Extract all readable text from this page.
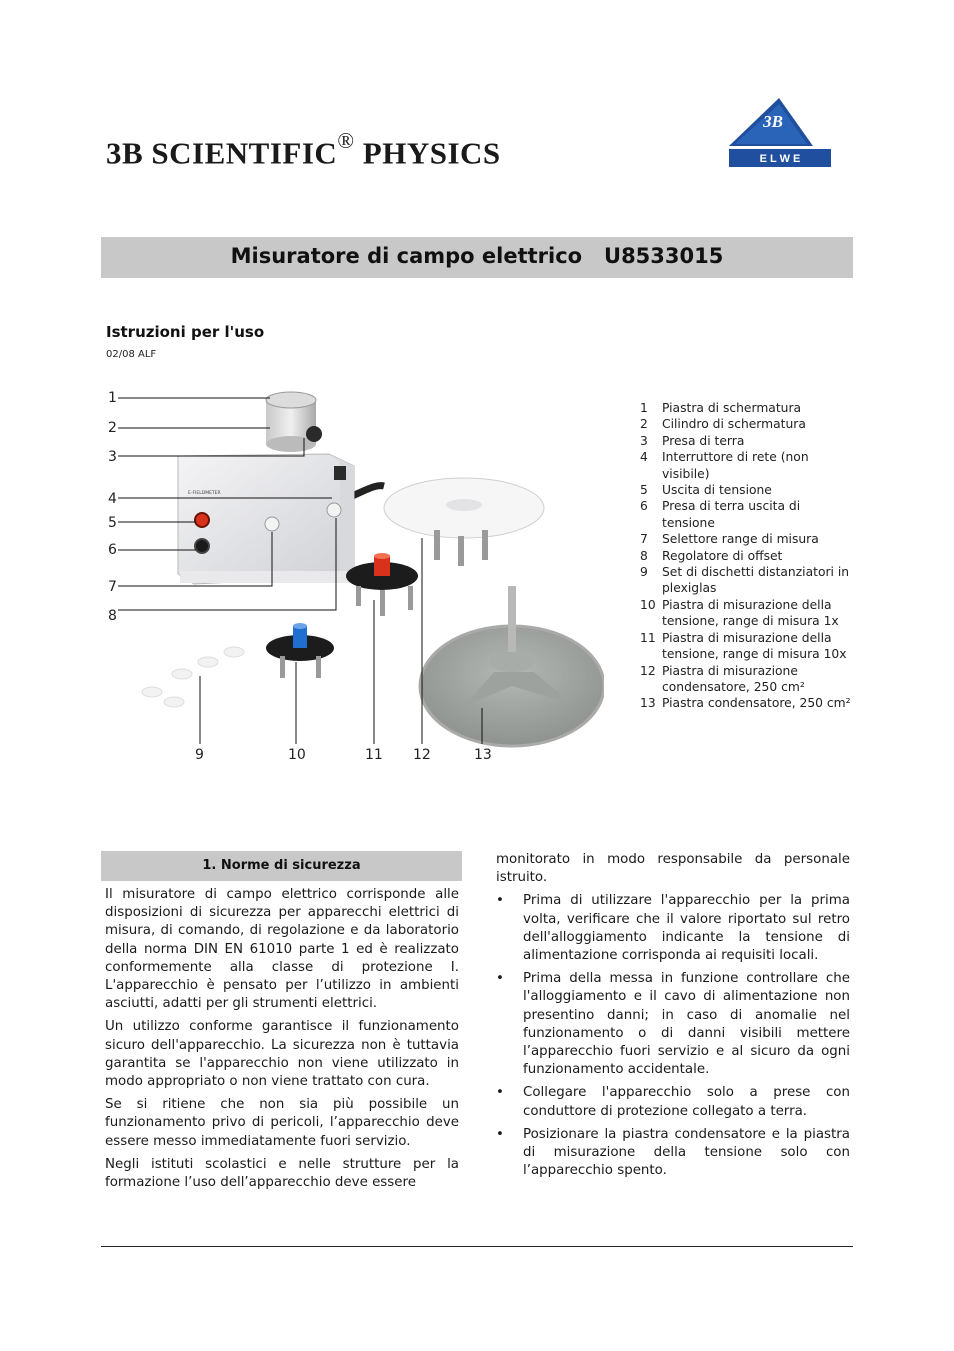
3B SCIENTIFIC® PHYSICS
3B
E L W E
Misuratore di campo elettrico U8533015
Istruzioni per l'uso
02/08 ALF
E-FIELDMETER
1
2
3
4
5
6
7
8
9	10	11 12	13
1	Piastra di schermatura
2	Cilindro di schermatura
3	Presa di terra
4	Interruttore di rete (non visibile)
5	Uscita di tensione
6	Presa di terra uscita di tensione
7	Selettore range di misura
8	Regolatore di offset
9	Set di dischetti distanziatori in plexiglas
10 Piastra di misurazione della tensione, range di misura 1x
11 Piastra di misurazione della tensione, range di misura 10x
12 Piastra di misurazione condensatore, 250 cm²
13 Piastra condensatore, 250 cm²
1. Norme di sicurezza

Il misuratore di campo elettrico corrisponde alle disposizioni di sicurezza per apparecchi elettrici di misura, di comando, di regolazione e da laboratorio della norma DIN EN 61010 parte 1 ed è realizzato conformemente alla classe di protezione I. L'apparecchio è pensato per l’utilizzo in ambienti asciutti, adatti per gli strumenti elettrici.

Un utilizzo conforme garantisce il funzionamento sicuro dell'apparecchio. La sicurezza non è tuttavia garantita se l'apparecchio non viene utilizzato in modo appropriato o non viene trattato con cura.

Se si ritiene che non sia più possibile un funzionamento privo di pericoli, l’apparecchio deve essere messo immediatamente fuori servizio.

Negli istituti scolastici e nelle strutture per la formazione l’uso dell’apparecchio deve essere

monitorato in modo responsabile da personale istruito.

•	Prima di utilizzare l'apparecchio per la prima volta, verificare che il valore riportato sul retro dell'alloggiamento indicante la tensione di alimentazione corrisponda ai requisiti locali.
•	Prima della messa in funzione controllare che l'alloggiamento e il cavo di alimentazione non presentino danni; in caso di anomalie nel funzionamento o di danni visibili mettere l’apparecchio fuori servizio e al sicuro da ogni funzionamento accidentale.
•	Collegare l'apparecchio solo a prese con conduttore di protezione collegato a terra.
•	Posizionare la piastra condensatore e la piastra di misurazione della tensione solo con l’apparecchio spento.
